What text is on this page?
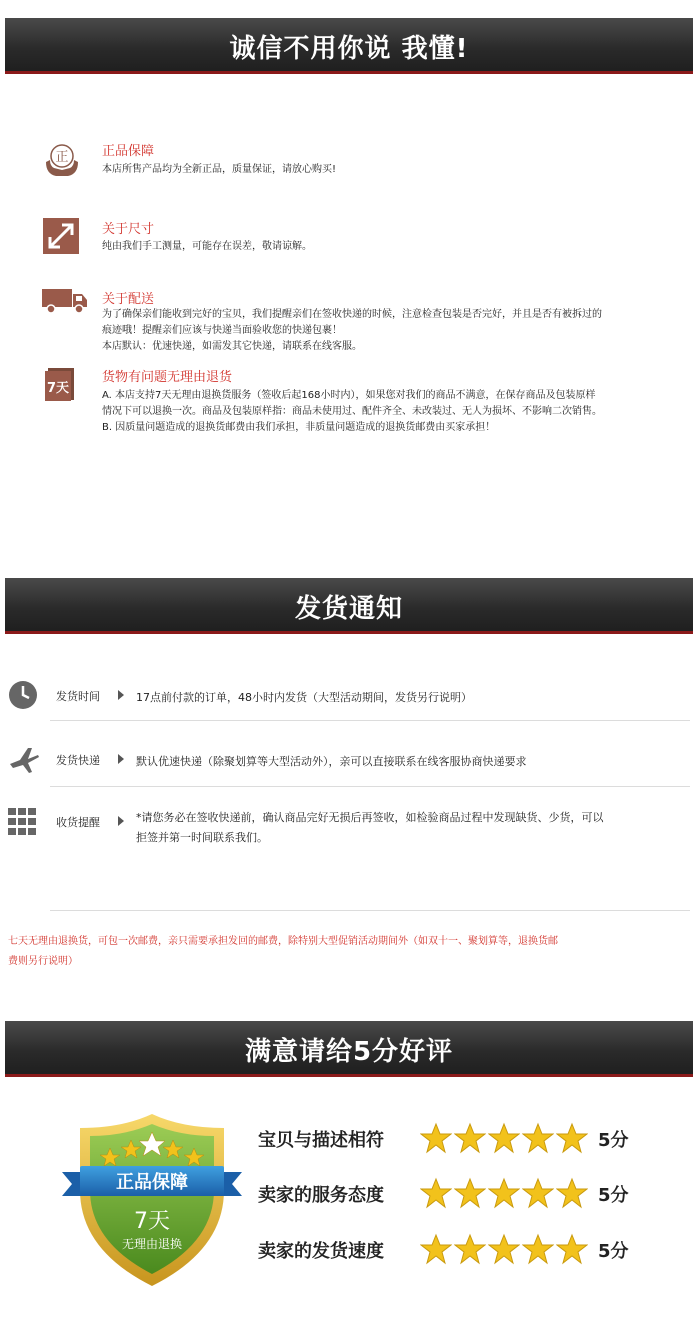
诚信不用你说 我懂!
正	正品保障
本店所售产品均为全新正品，质量保证，请放心购买!
关于尺寸
纯由我们手工测量，可能存在误差，敬请谅解。
关于配送
为了确保亲们能收到完好的宝贝，我们提醒亲们在签收快递的时候，注意检查包装是否完好，并且是否有被拆过的
痕迹哦！提醒亲们应该与快递当面验收您的快递包裹！
本店默认：优速快递，如需发其它快递，请联系在线客服。
7天
货物有问题无理由退货
A. 本店支持7天无理由退换货服务（签收后起168小时内），如果您对我们的商品不满意，在保存商品及包装原样
情况下可以退换一次。商品及包装原样指：商品未使用过、配件齐全、未改装过、无人为损坏、不影响二次销售。
B. 因质量问题造成的退换货邮费由我们承担，非质量问题造成的退换货邮费由买家承担！
发货通知
发货时间	17点前付款的订单，48小时内发货（大型活动期间，发货另行说明）
发货快递	默认优速快递（除聚划算等大型活动外），亲可以直接联系在线客服协商快递要求
收货提醒	*请您务必在签收快递前，确认商品完好无损后再签收，如检验商品过程中发现缺货、少货，可以
拒签并第一时间联系我们。
七天无理由退换货，可包一次邮费，亲只需要承担发回的邮费，除特别大型促销活动期间外（如双十一、聚划算等，退换货邮
费则另行说明）
满意请给5分好评
正品保障
7天
无理由退换
宝贝与描述相符	5分
卖家的服务态度	5分
卖家的发货速度	5分
